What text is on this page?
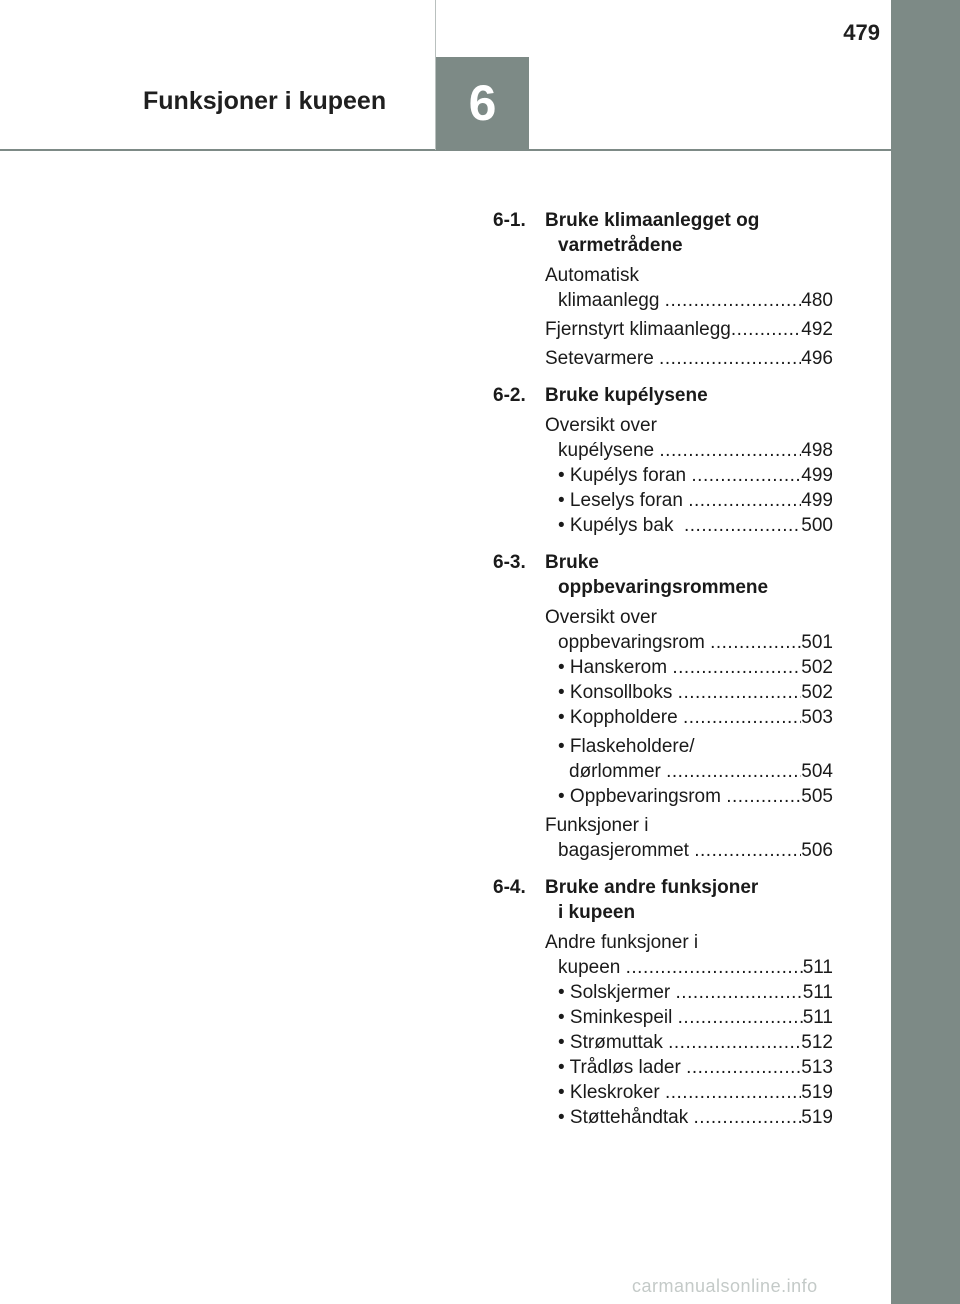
6
Funksjoner i kupeen
479
6-1.	Bruke klimaanlegget og
varmetrådene
Automatisk
klimaanlegg .....	480
Fjernstyrt klimaanlegg .....	492
Setevarmere .....	496
6-2.	Bruke kupélysene
Oversikt over
kupélysene .....	498
• Kupélys foran .....	499
• Leselys foran .....	499
• Kupélys bak .....	500
6-3.	Bruke
oppbevaringsrommene
Oversikt over
oppbevaringsrom .....	501
• Hanskerom .....	502
• Konsollboks .....	502
• Koppholdere .....	503
• Flaskeholdere/
dørlommer .....	504
• Oppbevaringsrom .....	505
Funksjoner i
bagasjerommet .....	506
6-4.	Bruke andre funksjoner
i kupeen
Andre funksjoner i
kupeen .....	511
• Solskjermer .....	511
• Sminkespeil .....	511
• Strømuttak .....	512
• Trådløs lader .....	513
• Kleskroker .....	519
• Støttehåndtak .....	519
carmanualsonline.info
